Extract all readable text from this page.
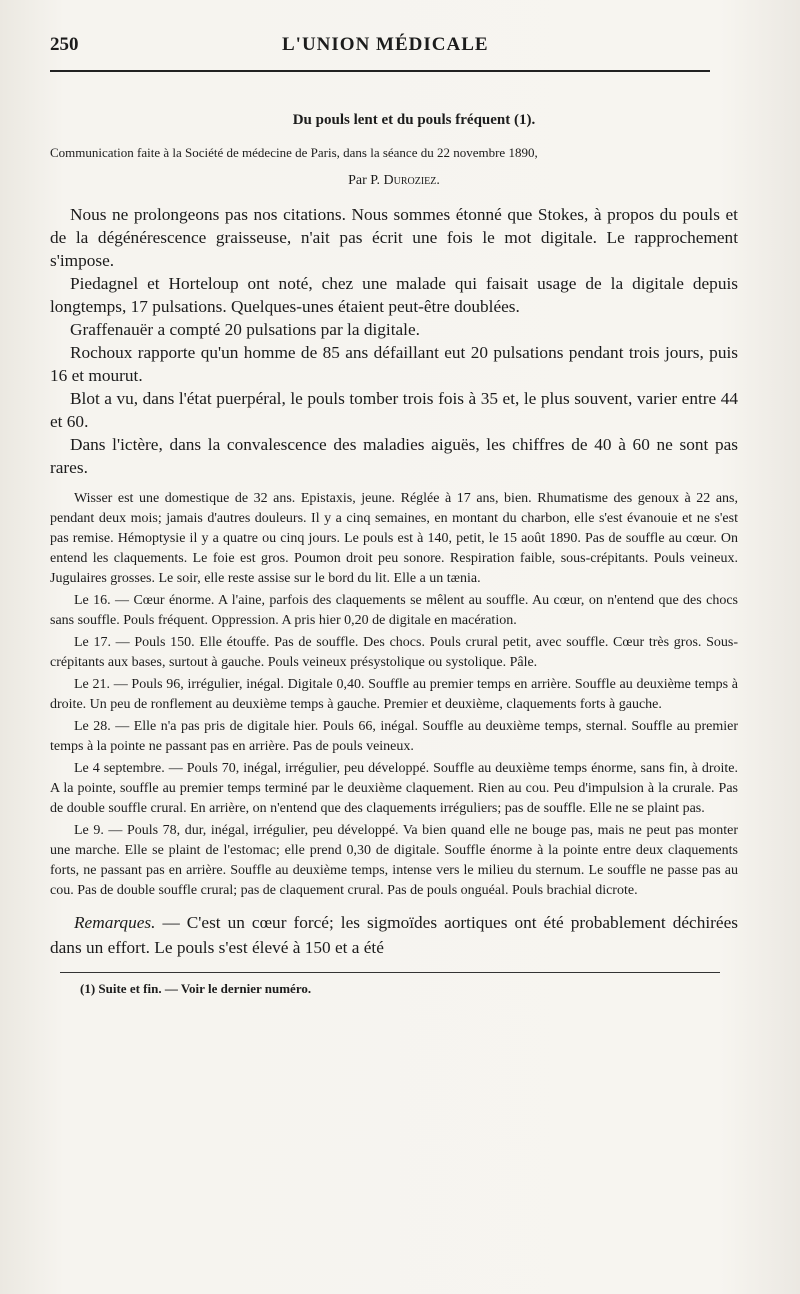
250	L'UNION MÉDICALE
Du pouls lent et du pouls fréquent (1).
Communication faite à la Société de médecine de Paris, dans la séance du 22 novembre 1890,
Par P. Duroziez.

Nous ne prolongeons pas nos citations. Nous sommes étonné que Stokes, à propos du pouls et de la dégénérescence graisseuse, n'ait pas écrit une fois le mot digitale. Le rapprochement s'impose.

Piedagnel et Horteloup ont noté, chez une malade qui faisait usage de la digitale depuis longtemps, 17 pulsations. Quelques-unes étaient peut-être doublées.

Graffenauër a compté 20 pulsations par la digitale.

Rochoux rapporte qu'un homme de 85 ans défaillant eut 20 pulsations pendant trois jours, puis 16 et mourut.

Blot a vu, dans l'état puerpéral, le pouls tomber trois fois à 35 et, le plus souvent, varier entre 44 et 60.

Dans l'ictère, dans la convalescence des maladies aiguës, les chiffres de 40 à 60 ne sont pas rares.

Wisser est une domestique de 32 ans. Epistaxis, jeune. Réglée à 17 ans, bien. Rhumatisme des genoux à 22 ans, pendant deux mois; jamais d'autres douleurs. Il y a cinq semaines, en montant du charbon, elle s'est évanouie et ne s'est pas remise. Hémoptysie il y a quatre ou cinq jours. Le pouls est à 140, petit, le 15 août 1890. Pas de souffle au cœur. On entend les claquements. Le foie est gros. Poumon droit peu sonore. Respiration faible, sous-crépitants. Pouls veineux. Jugulaires grosses. Le soir, elle reste assise sur le bord du lit. Elle a un tænia.

Le 16. — Cœur énorme. A l'aine, parfois des claquements se mêlent au souffle. Au cœur, on n'entend que des chocs sans souffle. Pouls fréquent. Oppression. A pris hier 0,20 de digitale en macération.

Le 17. — Pouls 150. Elle étouffe. Pas de souffle. Des chocs. Pouls crural petit, avec souffle. Cœur très gros. Sous-crépitants aux bases, surtout à gauche. Pouls veineux présystolique ou systolique. Pâle.

Le 21. — Pouls 96, irrégulier, inégal. Digitale 0,40. Souffle au premier temps en arrière. Souffle au deuxième temps à droite. Un peu de ronflement au deuxième temps à gauche. Premier et deuxième, claquements forts à gauche.

Le 28. — Elle n'a pas pris de digitale hier. Pouls 66, inégal. Souffle au deuxième temps, sternal. Souffle au premier temps à la pointe ne passant pas en arrière. Pas de pouls veineux.

Le 4 septembre. — Pouls 70, inégal, irrégulier, peu développé. Souffle au deuxième temps énorme, sans fin, à droite. A la pointe, souffle au premier temps terminé par le deuxième claquement. Rien au cou. Peu d'impulsion à la crurale. Pas de double souffle crural. En arrière, on n'entend que des claquements irréguliers; pas de souffle. Elle ne se plaint pas.

Le 9. — Pouls 78, dur, inégal, irrégulier, peu développé. Va bien quand elle ne bouge pas, mais ne peut pas monter une marche. Elle se plaint de l'estomac; elle prend 0,30 de digitale. Souffle énorme à la pointe entre deux claquements forts, ne passant pas en arrière. Souffle au deuxième temps, intense vers le milieu du sternum. Le souffle ne passe pas au cou. Pas de double souffle crural; pas de claquement crural. Pas de pouls onguéal. Pouls brachial dicrote.

Remarques. — C'est un cœur forcé; les sigmoïdes aortiques ont été probablement déchirées dans un effort. Le pouls s'est élevé à 150 et a été

(1) Suite et fin. — Voir le dernier numéro.
